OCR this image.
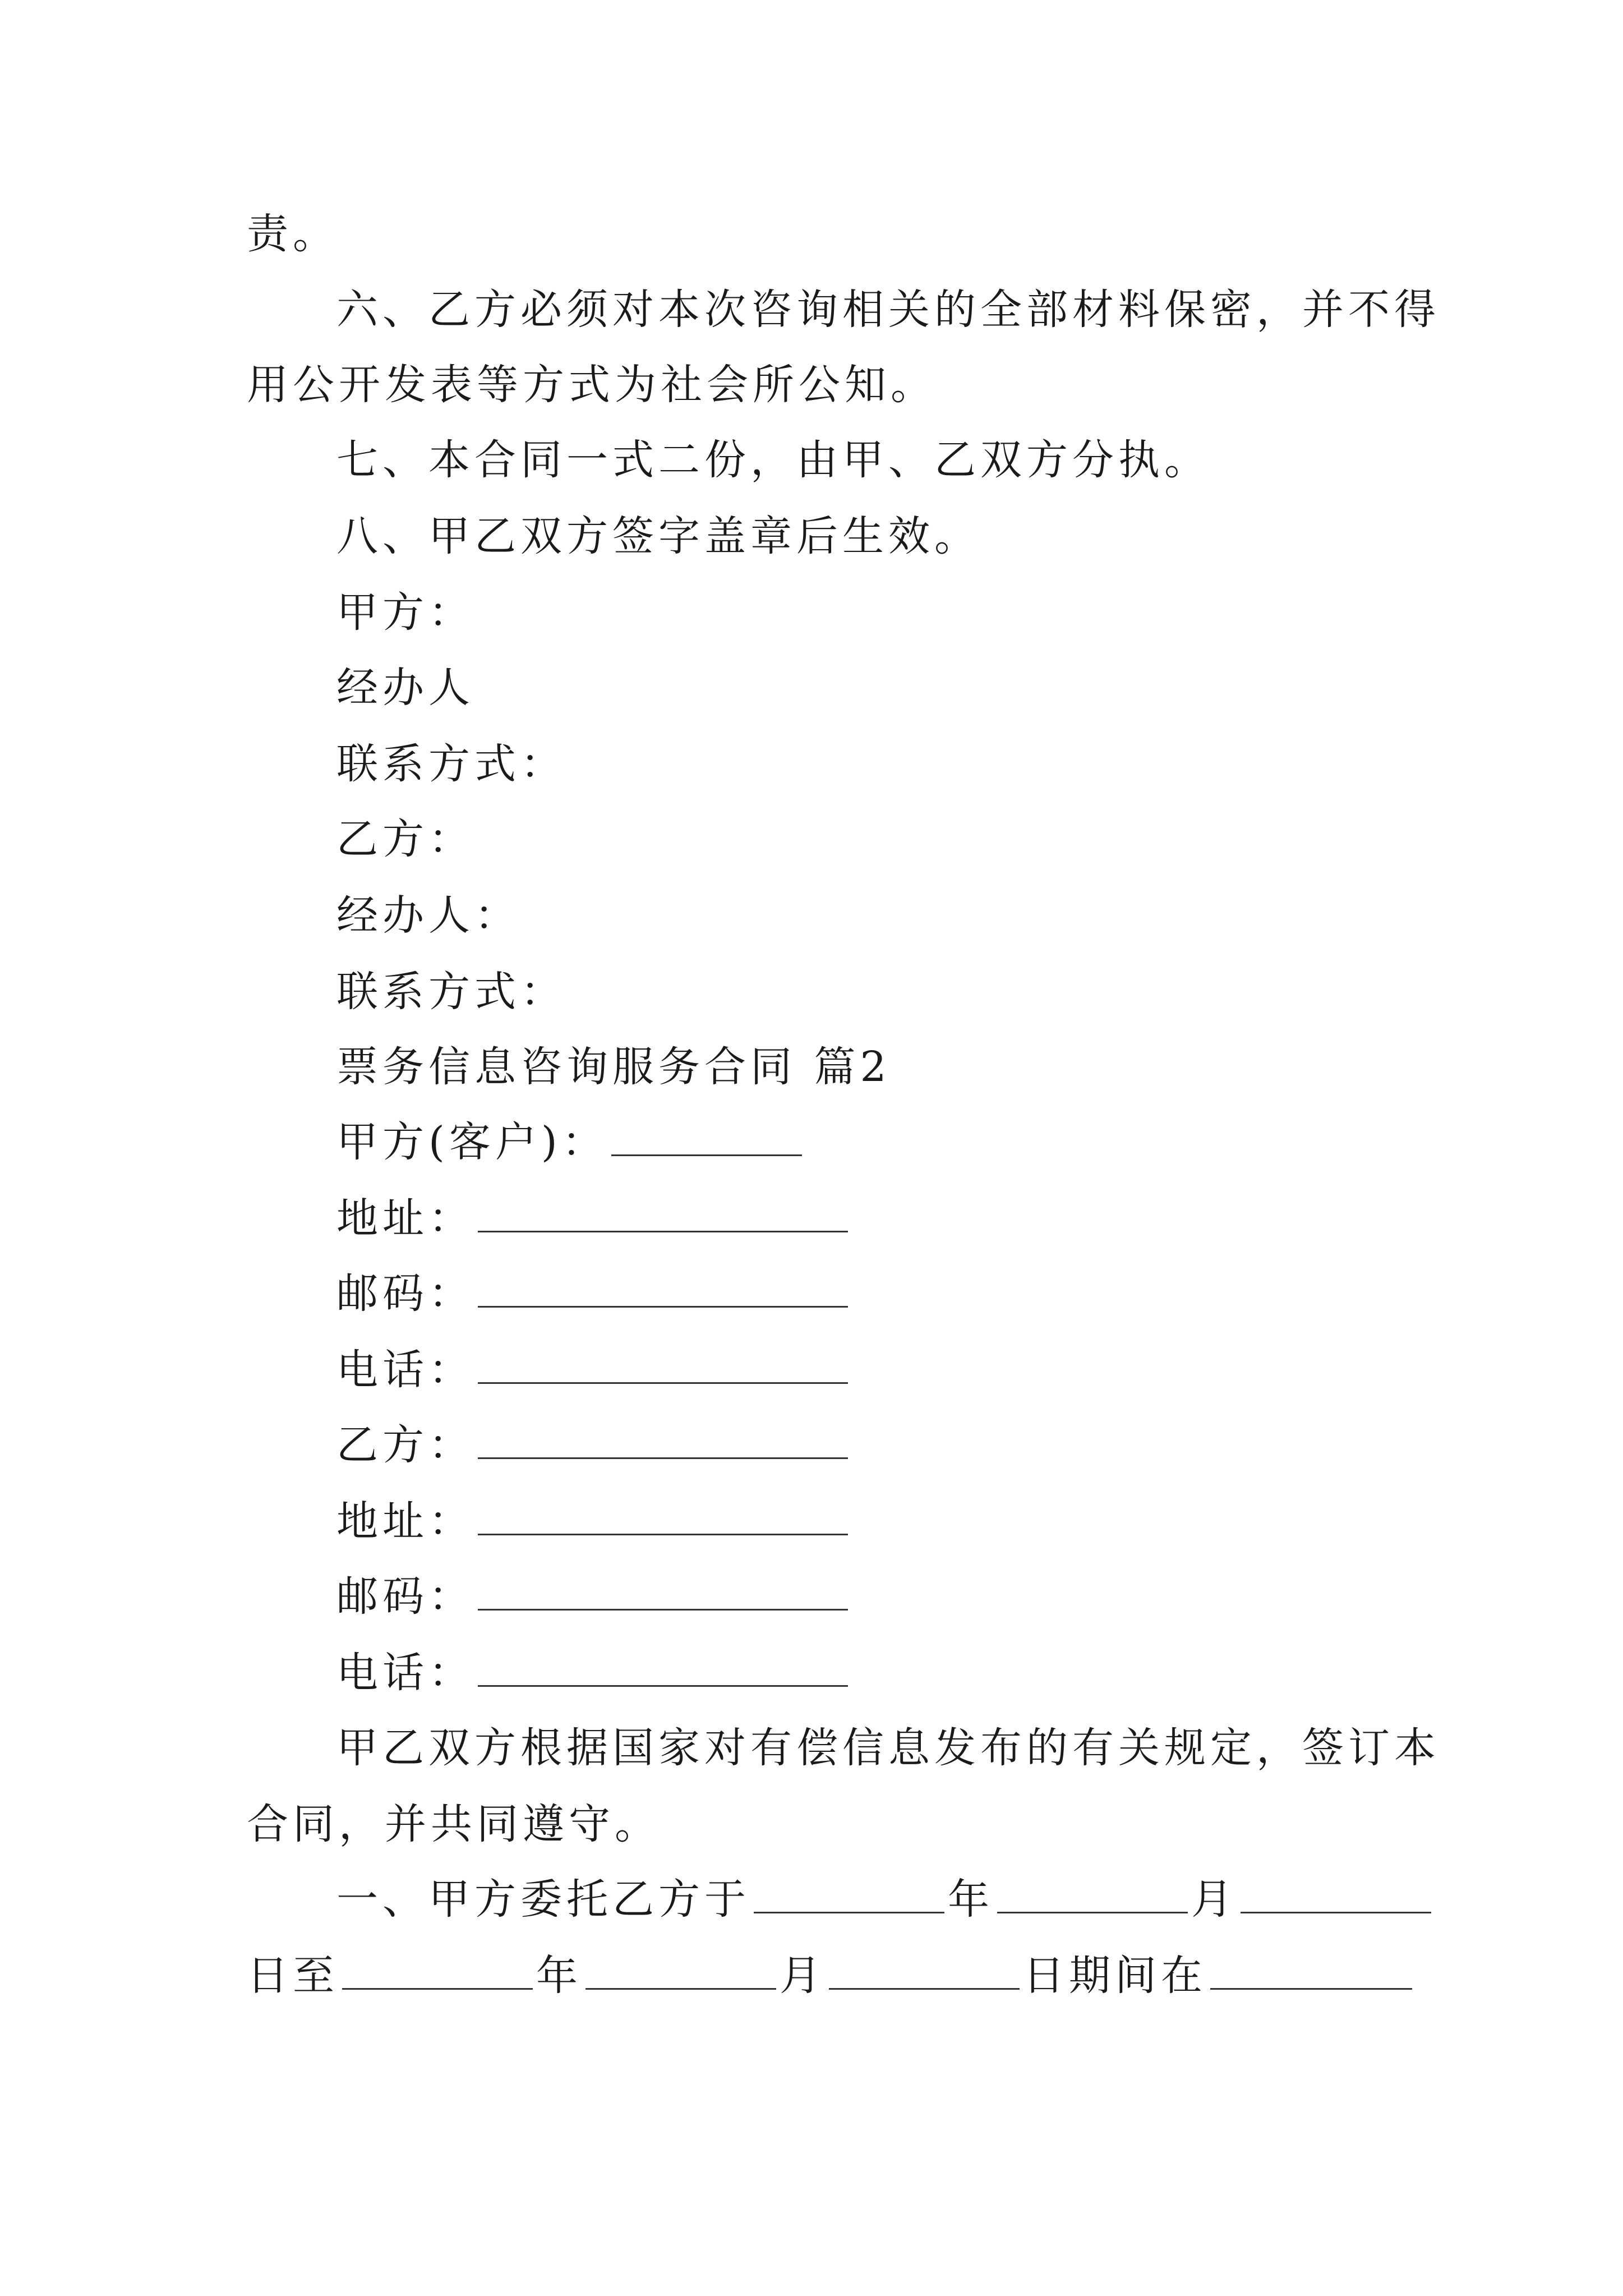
责。
六、乙方必须对本次咨询相关的全部材料保密，并不得
用公开发表等方式为社会所公知。
七、本合同一式二份，由甲、乙双方分执。
八、甲乙双方签字盖章后生效。
甲方：
经办人
联系方式：
乙方：
经办人：
联系方式：
票务信息咨询服务合同 篇2
甲方(客户)：
地址：
邮码：
电话：
乙方：
地址：
邮码：
电话：
甲乙双方根据国家对有偿信息发布的有关规定，签订本
合同，并共同遵守。
一、甲方委托乙方于	年	月
日至	年	月	日期间在
